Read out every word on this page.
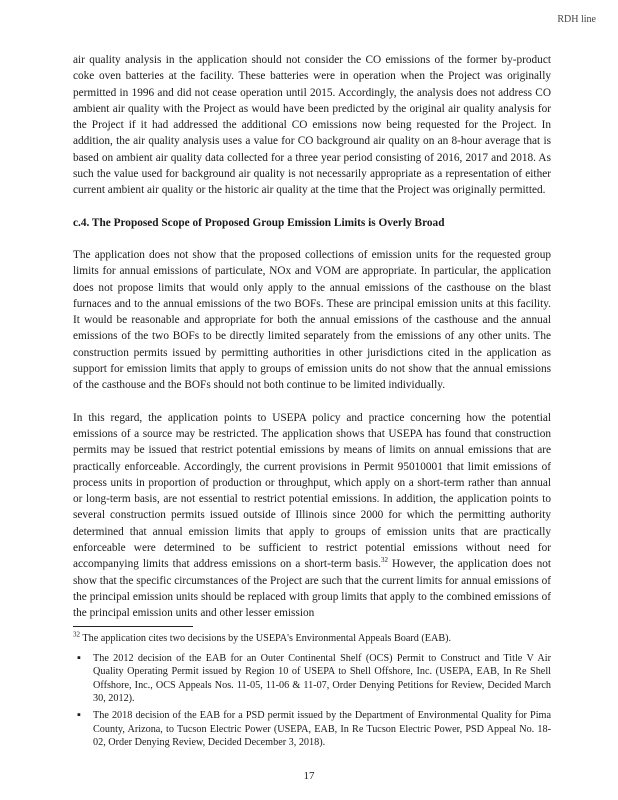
RDH line

air quality analysis in the application should not consider the CO emissions of the former by-product coke oven batteries at the facility. These batteries were in operation when the Project was originally permitted in 1996 and did not cease operation until 2015. Accordingly, the analysis does not address CO ambient air quality with the Project as would have been predicted by the original air quality analysis for the Project if it had addressed the additional CO emissions now being requested for the Project. In addition, the air quality analysis uses a value for CO background air quality on an 8-hour average that is based on ambient air quality data collected for a three year period consisting of 2016, 2017 and 2018. As such the value used for background air quality is not necessarily appropriate as a representation of either current ambient air quality or the historic air quality at the time that the Project was originally permitted.

c.4. The Proposed Scope of Proposed Group Emission Limits is Overly Broad

The application does not show that the proposed collections of emission units for the requested group limits for annual emissions of particulate, NOx and VOM are appropriate. In particular, the application does not propose limits that would only apply to the annual emissions of the casthouse on the blast furnaces and to the annual emissions of the two BOFs. These are principal emission units at this facility. It would be reasonable and appropriate for both the annual emissions of the casthouse and the annual emissions of the two BOFs to be directly limited separately from the emissions of any other units. The construction permits issued by permitting authorities in other jurisdictions cited in the application as support for emission limits that apply to groups of emission units do not show that the annual emissions of the casthouse and the BOFs should not both continue to be limited individually.

In this regard, the application points to USEPA policy and practice concerning how the potential emissions of a source may be restricted. The application shows that USEPA has found that construction permits may be issued that restrict potential emissions by means of limits on annual emissions that are practically enforceable. Accordingly, the current provisions in Permit 95010001 that limit emissions of process units in proportion of production or throughput, which apply on a short-term rather than annual or long-term basis, are not essential to restrict potential emissions. In addition, the application points to several construction permits issued outside of Illinois since 2000 for which the permitting authority determined that annual emission limits that apply to groups of emission units that are practically enforceable were determined to be sufficient to restrict potential emissions without need for accompanying limits that address emissions on a short-term basis.$^{32}$ However, the application does not show that the specific circumstances of the Project are such that the current limits for annual emissions of the principal emission units should be replaced with group limits that apply to the combined emissions of the principal emission units and other lesser emission

$^{32}$ The application cites two decisions by the USEPA's Environmental Appeals Board (EAB).

▪ The 2012 decision of the EAB for an Outer Continental Shelf (OCS) Permit to Construct and Title V Air Quality Operating Permit issued by Region 10 of USEPA to Shell Offshore, Inc. (USEPA, EAB, In Re Shell Offshore, Inc., OCS Appeals Nos. 11-05, 11-06 & 11-07, Order Denying Petitions for Review, Decided March 30, 2012).
▪ The 2018 decision of the EAB for a PSD permit issued by the Department of Environmental Quality for Pima County, Arizona, to Tucson Electric Power (USEPA, EAB, In Re Tucson Electric Power, PSD Appeal No. 18-02, Order Denying Review, Decided December 3, 2018).
17
